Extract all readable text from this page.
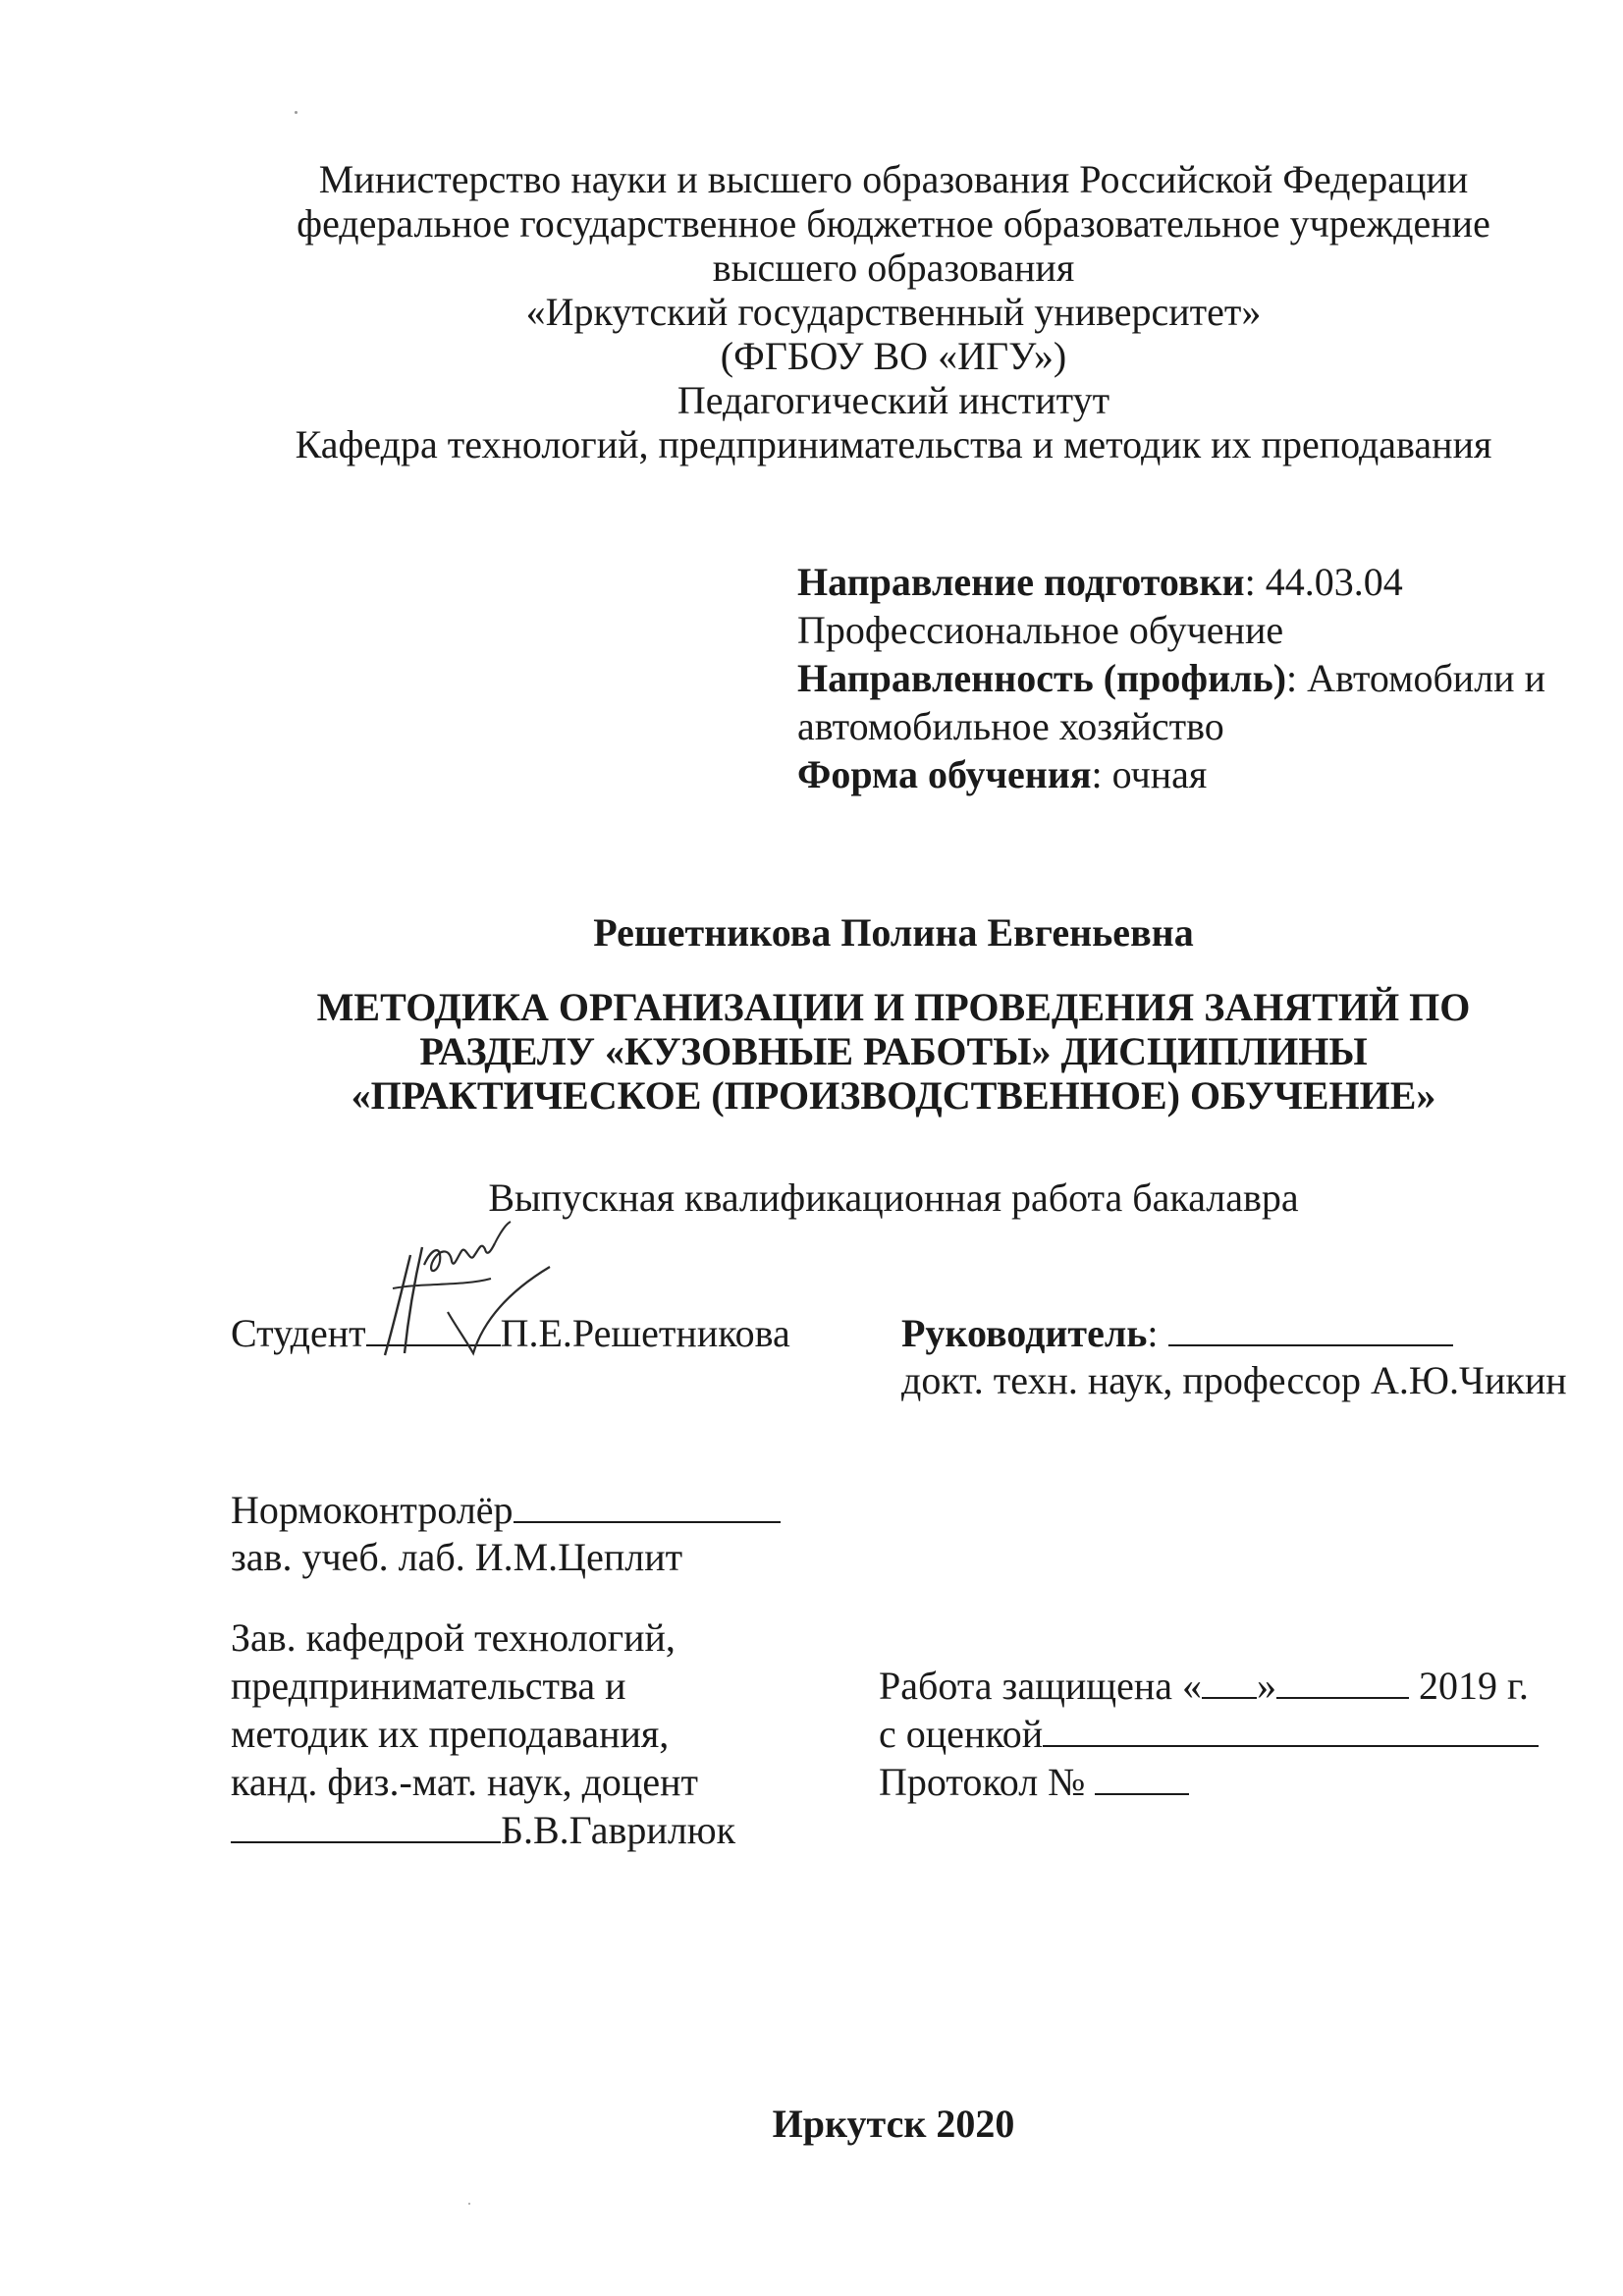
Министерство науки и высшего образования Российской Федерации
федеральное государственное бюджетное образовательное учреждение
высшего образования
«Иркутский государственный университет»
(ФГБОУ ВО «ИГУ»)
Педагогический институт
Кафедра технологий, предпринимательства и методик их преподавания
Направление подготовки: 44.03.04
Профессиональное обучение
Направленность (профиль): Автомобили и
автомобильное хозяйство
Форма обучения: очная
Решетникова Полина Евгеньевна
МЕТОДИКА ОРГАНИЗАЦИИ И ПРОВЕДЕНИЯ ЗАНЯТИЙ ПО
РАЗДЕЛУ «КУЗОВНЫЕ РАБОТЫ» ДИСЦИПЛИНЫ
«ПРАКТИЧЕСКОЕ (ПРОИЗВОДСТВЕННОЕ) ОБУЧЕНИЕ»
Выпускная квалификационная работа бакалавра
Студент	П.Е.Решетникова	Руководитель:
докт. техн. наук, профессор А.Ю.Чикин
Нормоконтролёр
зав. учеб. лаб. И.М.Цеплит
Зав. кафедрой технологий,
предпринимательства и
методик их преподавания,
канд. физ.-мат. наук, доцент
Б.В.Гаврилюк
Работа защищена « »	2019 г.
с оценкой
Протокол №
Иркутск 2020
